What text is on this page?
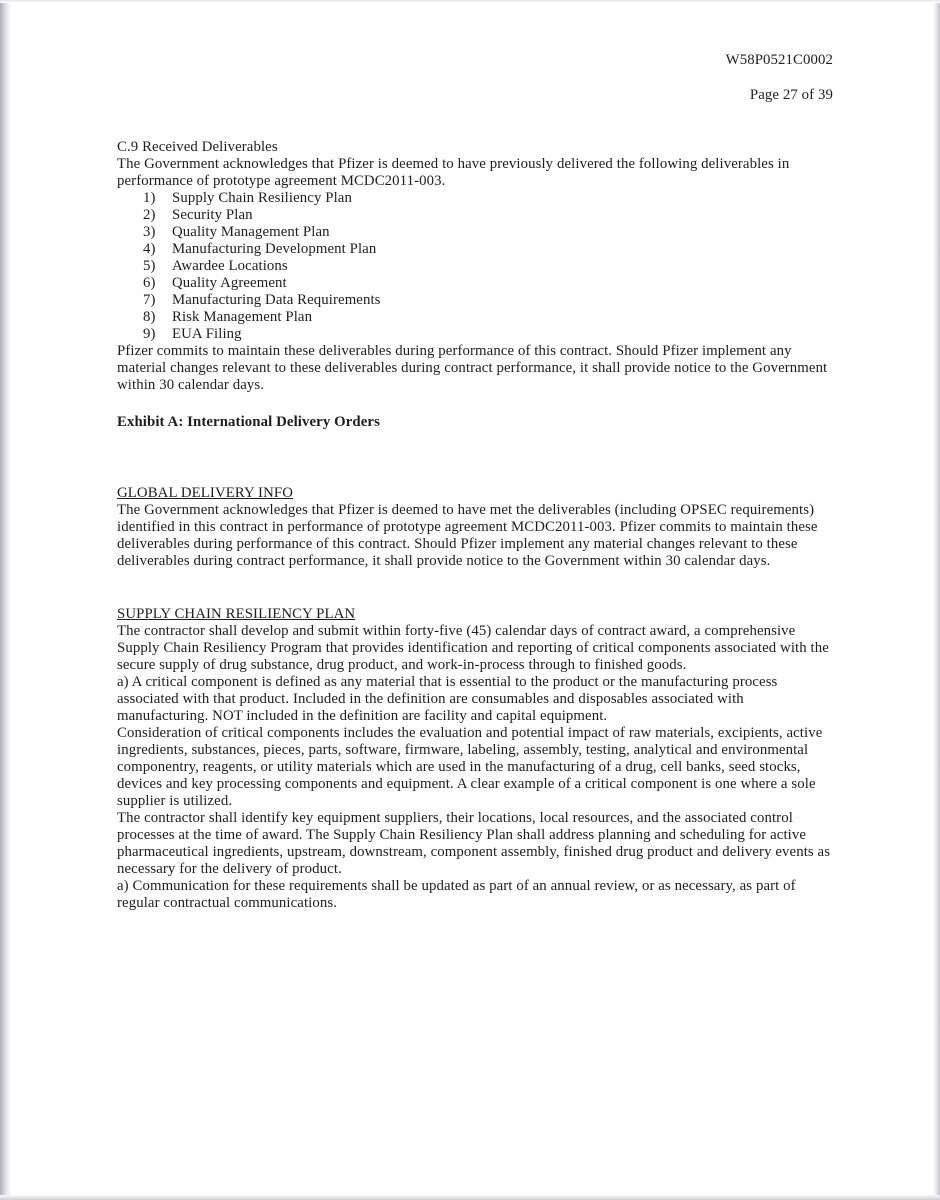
W58P0521C0002
Page 27 of 39
C.9 Received Deliverables

The Government acknowledges that Pfizer is deemed to have previously delivered the following deliverables in performance of prototype agreement MCDC2011-003.

1) Supply Chain Resiliency Plan
2) Security Plan
3) Quality Management Plan
4) Manufacturing Development Plan
5) Awardee Locations
6) Quality Agreement
7) Manufacturing Data Requirements
8) Risk Management Plan
9) EUA Filing

Pfizer commits to maintain these deliverables during performance of this contract. Should Pfizer implement any material changes relevant to these deliverables during contract performance, it shall provide notice to the Government within 30 calendar days.

Exhibit A: International Delivery Orders
GLOBAL DELIVERY INFO

The Government acknowledges that Pfizer is deemed to have met the deliverables (including OPSEC requirements) identified in this contract in performance of prototype agreement MCDC2011-003. Pfizer commits to maintain these deliverables during performance of this contract. Should Pfizer implement any material changes relevant to these deliverables during contract performance, it shall provide notice to the Government within 30 calendar days.

SUPPLY CHAIN RESILIENCY PLAN

The contractor shall develop and submit within forty-five (45) calendar days of contract award, a comprehensive Supply Chain Resiliency Program that provides identification and reporting of critical components associated with the secure supply of drug substance, drug product, and work-in-process through to finished goods.

a) A critical component is defined as any material that is essential to the product or the manufacturing process associated with that product. Included in the definition are consumables and disposables associated with manufacturing. NOT included in the definition are facility and capital equipment.

Consideration of critical components includes the evaluation and potential impact of raw materials, excipients, active ingredients, substances, pieces, parts, software, firmware, labeling, assembly, testing, analytical and environmental componentry, reagents, or utility materials which are used in the manufacturing of a drug, cell banks, seed stocks, devices and key processing components and equipment. A clear example of a critical component is one where a sole supplier is utilized.

The contractor shall identify key equipment suppliers, their locations, local resources, and the associated control processes at the time of award. The Supply Chain Resiliency Plan shall address planning and scheduling for active pharmaceutical ingredients, upstream, downstream, component assembly, finished drug product and delivery events as necessary for the delivery of product.

a) Communication for these requirements shall be updated as part of an annual review, or as necessary, as part of regular contractual communications.
